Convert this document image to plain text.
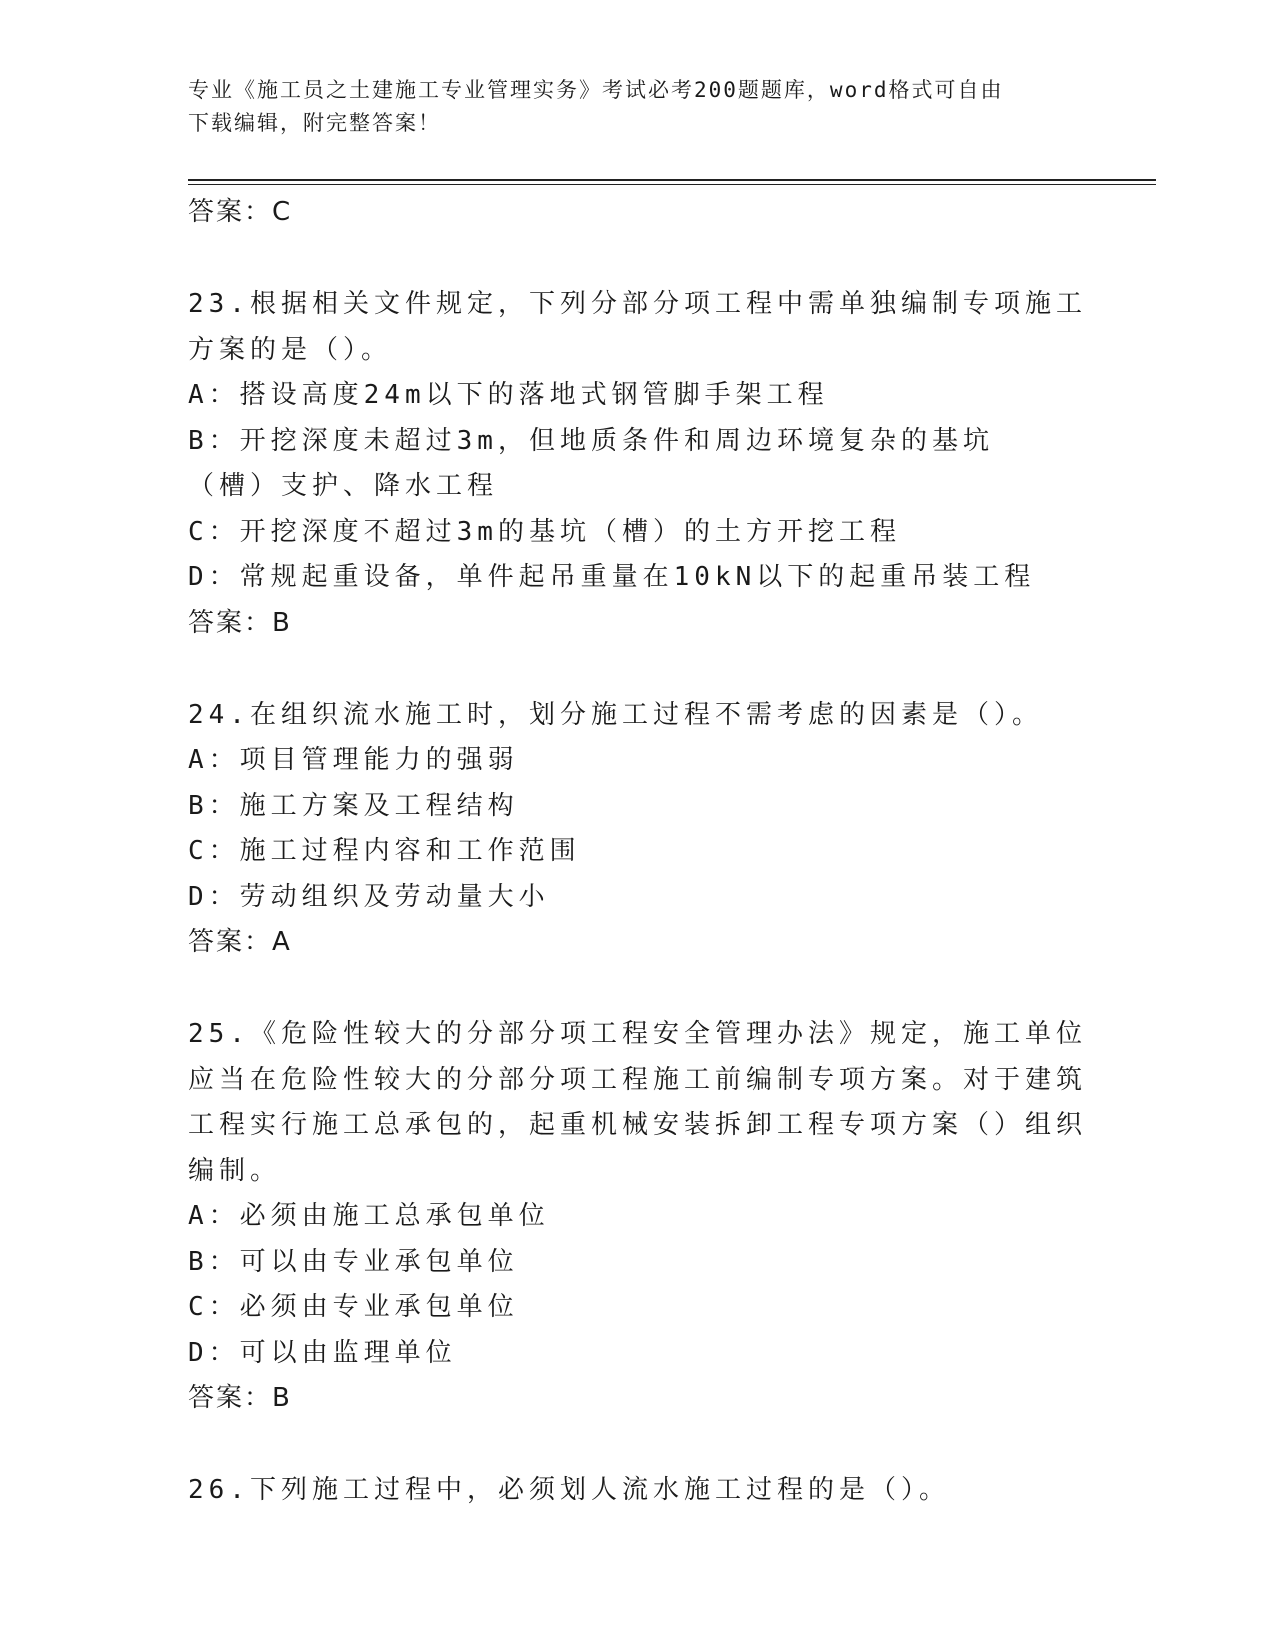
专业《施工员之土建施工专业管理实务》考试必考200题题库，word格式可自由
下载编辑，附完整答案！
答案：C
23.根据相关文件规定，下列分部分项工程中需单独编制专项施工方案的是（）。
A：搭设高度24m以下的落地式钢管脚手架工程
B：开挖深度未超过3m，但地质条件和周边环境复杂的基坑（槽）支护、降水工程
C：开挖深度不超过3m的基坑（槽）的土方开挖工程
D：常规起重设备，单件起吊重量在10kN以下的起重吊装工程
答案：B
24.在组织流水施工时，划分施工过程不需考虑的因素是（）。
A：项目管理能力的强弱
B：施工方案及工程结构
C：施工过程内容和工作范围
D：劳动组织及劳动量大小
答案：A
25.《危险性较大的分部分项工程安全管理办法》规定，施工单位应当在危险性较大的分部分项工程施工前编制专项方案。对于建筑工程实行施工总承包的，起重机械安装拆卸工程专项方案（）组织编制。
A：必须由施工总承包单位
B：可以由专业承包单位
C：必须由专业承包单位
D：可以由监理单位
答案：B
26.下列施工过程中，必须划人流水施工过程的是（）。
